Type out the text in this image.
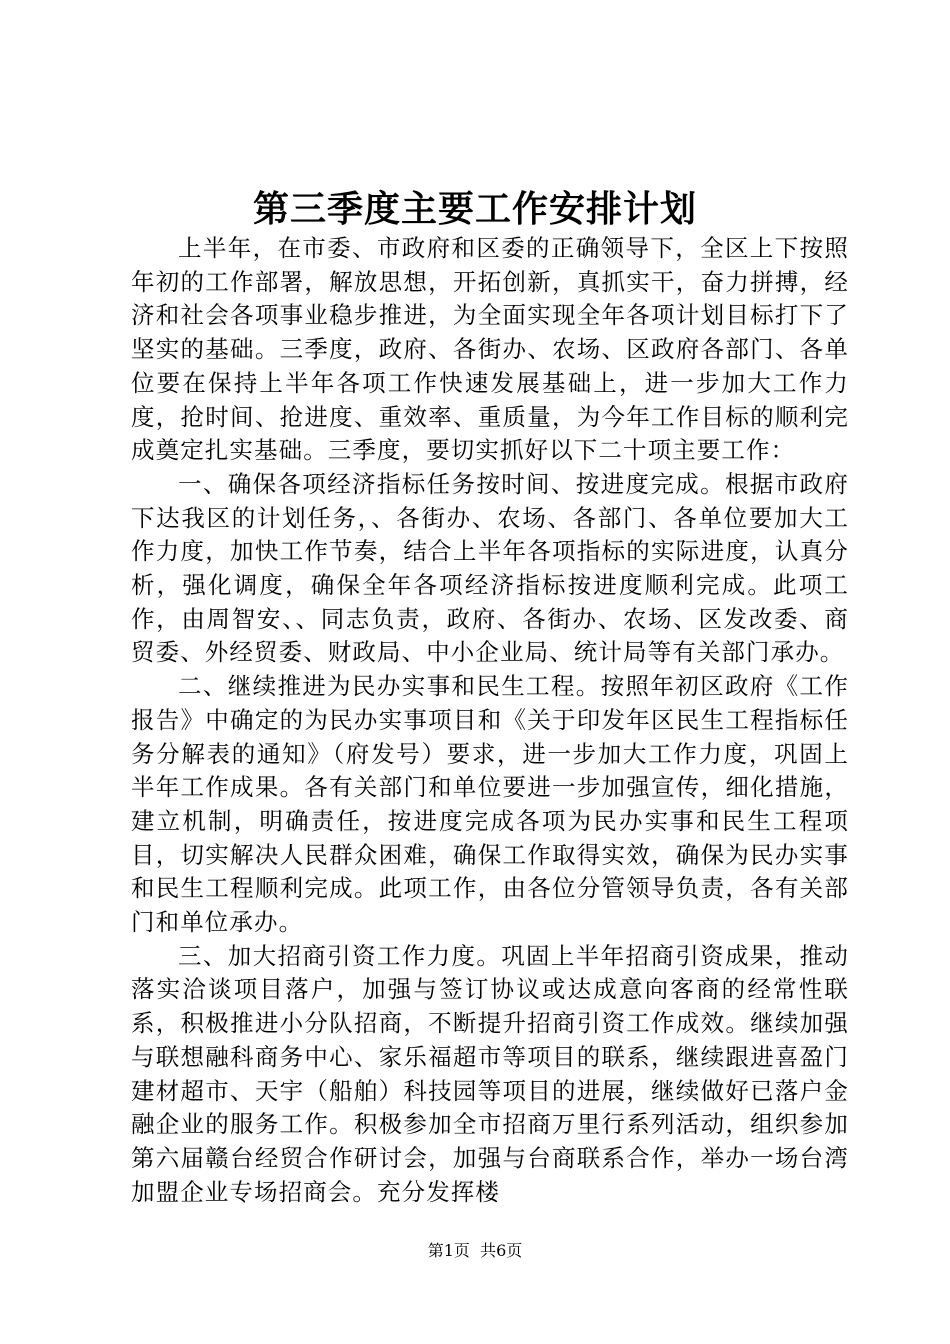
第三季度主要工作安排计划

上半年，在市委、市政府和区委的正确领导下，全区上下按照年初的工作部署，解放思想，开拓创新，真抓实干，奋力拼搏，经济和社会各项事业稳步推进，为全面实现全年各项计划目标打下了坚实的基础。三季度，政府、各街办、农场、区政府各部门、各单位要在保持上半年各项工作快速发展基础上，进一步加大工作力度，抢时间、抢进度、重效率、重质量，为今年工作目标的顺利完成奠定扎实基础。三季度，要切实抓好以下二十项主要工作：

一、确保各项经济指标任务按时间、按进度完成。根据市政府下达我区的计划任务，、各街办、农场、各部门、各单位要加大工作力度，加快工作节奏，结合上半年各项指标的实际进度，认真分析，强化调度，确保全年各项经济指标按进度顺利完成。此项工作，由周智安、、同志负责，政府、各街办、农场、区发改委、商贸委、外经贸委、财政局、中小企业局、统计局等有关部门承办。

二、继续推进为民办实事和民生工程。按照年初区政府《工作报告》中确定的为民办实事项目和《关于印发年区民生工程指标任务分解表的通知》（府发号）要求，进一步加大工作力度，巩固上半年工作成果。各有关部门和单位要进一步加强宣传，细化措施，建立机制，明确责任，按进度完成各项为民办实事和民生工程项目，切实解决人民群众困难，确保工作取得实效，确保为民办实事和民生工程顺利完成。此项工作，由各位分管领导负责，各有关部门和单位承办。

三、加大招商引资工作力度。巩固上半年招商引资成果，推动落实洽谈项目落户，加强与签订协议或达成意向客商的经常性联系，积极推进小分队招商，不断提升招商引资工作成效。继续加强与联想融科商务中心、家乐福超市等项目的联系，继续跟进喜盈门建材超市、天宇（船舶）科技园等项目的进展，继续做好已落户金融企业的服务工作。积极参加全市招商万里行系列活动，组织参加第六届赣台经贸合作研讨会，加强与台商联系合作，举办一场台湾加盟企业专场招商会。充分发挥楼

第1页 共6页
